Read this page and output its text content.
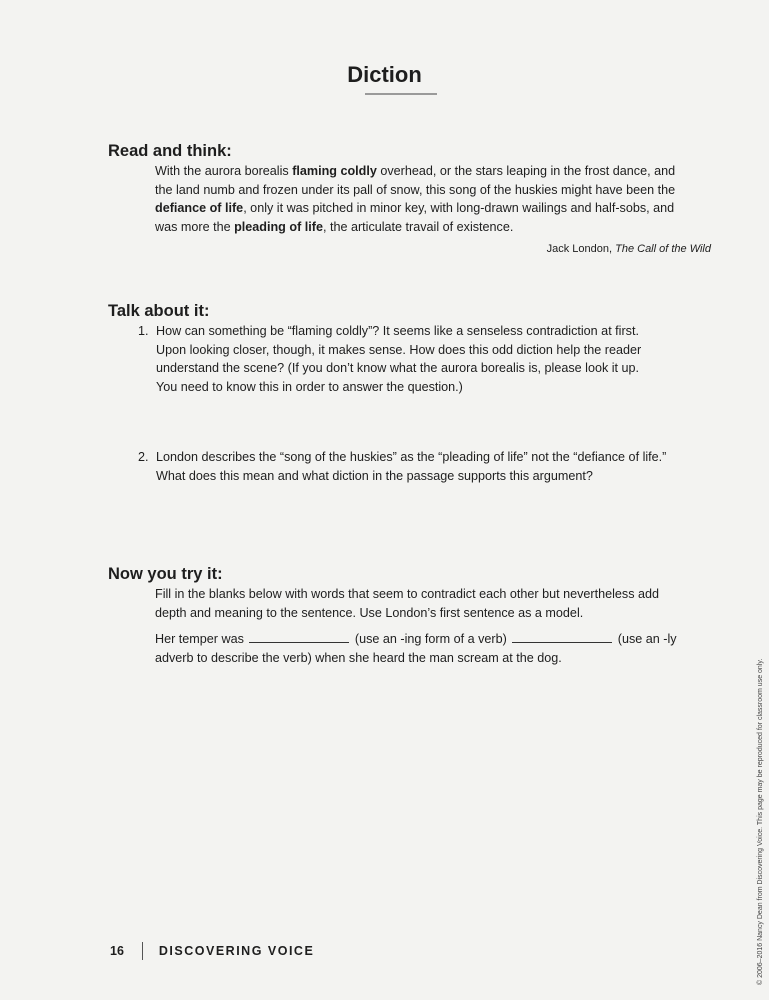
Diction
Read and think:
With the aurora borealis flaming coldly overhead, or the stars leaping in the frost dance, and
the land numb and frozen under its pall of snow, this song of the huskies might have been the
defiance of life, only it was pitched in minor key, with long-drawn wailings and half-sobs, and
was more the pleading of life, the articulate travail of existence.
Jack London, The Call of the Wild
Talk about it:
1. How can something be “flaming coldly”? It seems like a senseless contradiction at first.
Upon looking closer, though, it makes sense. How does this odd diction help the reader
understand the scene? (If you don’t know what the aurora borealis is, please look it up.
You need to know this in order to answer the question.)
2. London describes the “song of the huskies” as the “pleading of life” not the “defiance of life.”
What does this mean and what diction in the passage supports this argument?
Now you try it:
Fill in the blanks below with words that seem to contradict each other but nevertheless add
depth and meaning to the sentence. Use London’s first sentence as a model.
Her temper was	(use an -ing form of a verb)	(use an -ly
adverb to describe the verb) when she heard the man scream at the dog.
16	DISCOVERING VOICE	© 2006–2016 Nancy Dean from Discovering Voice. This page may be reproduced for classroom use only.
